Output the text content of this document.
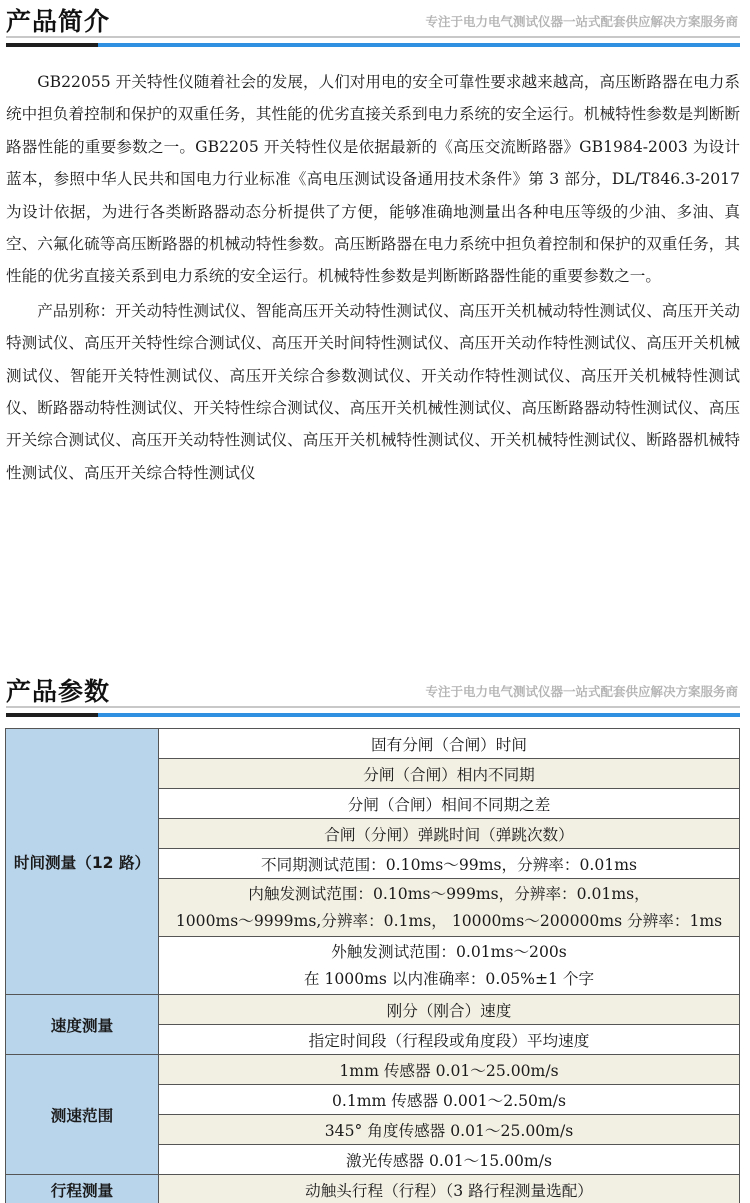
产品简介	专注于电力电气测试仪器一站式配套供应解决方案服务商

GB22055 开关特性仪随着社会的发展，人们对用电的安全可靠性要求越来越高，高压断路器在电力系统中担负着控制和保护的双重任务，其性能的优劣直接关系到电力系统的安全运行。机械特性参数是判断断路器性能的重要参数之一。GB2205 开关特性仪是依据最新的《高压交流断路器》GB1984-2003 为设计蓝本，参照中华人民共和国电力行业标准《高电压测试设备通用技术条件》第 3 部分，DL/T846.3-2017 为设计依据，为进行各类断路器动态分析提供了方便，能够准确地测量出各种电压等级的少油、多油、真空、六氟化硫等高压断路器的机械动特性参数。高压断路器在电力系统中担负着控制和保护的双重任务，其性能的优劣直接关系到电力系统的安全运行。机械特性参数是判断断路器性能的重要参数之一。

产品别称：开关动特性测试仪、智能高压开关动特性测试仪、高压开关机械动特性测试仪、高压开关动特测试仪、高压开关特性综合测试仪、高压开关时间特性测试仪、高压开关动作特性测试仪、高压开关机械测试仪、智能开关特性测试仪、高压开关综合参数测试仪、开关动作特性测试仪、高压开关机械特性测试仪、断路器动特性测试仪、开关特性综合测试仪、高压开关机械性测试仪、高压断路器动特性测试仪、高压开关综合测试仪、高压开关动特性测试仪、高压开关机械特性测试仪、开关机械特性测试仪、断路器机械特性测试仪、高压开关综合特性测试仪

产品参数	专注于电力电气测试仪器一站式配套供应解决方案服务商
时间测量（12 路）	固有分闸（合闸）时间
	分闸（合闸）相内不同期
	分闸（合闸）相间不同期之差
	合闸（分闸）弹跳时间（弹跳次数）
	不同期测试范围：0.10ms～99ms，分辨率：0.01ms

	内触发测试范围：0.10ms～999ms，分辨率：0.01ms，
1000ms～9999ms,分辨率：0.1ms， 10000ms～200000ms 分辨率：1ms

	外触发测试范围：0.01ms～200s
在 1000ms 以内准确率：0.05%±1 个字

速度测量	刚分（刚合）速度
	指定时间段（行程段或角度段）平均速度
测速范围	1mm 传感器 0.01～25.00m/s
	0.1mm 传感器 0.001～2.50m/s
	345° 角度传感器 0.01～25.00m/s
	激光传感器 0.01～15.00m/s
行程测量	动触头行程（行程）（3 路行程测量选配）
